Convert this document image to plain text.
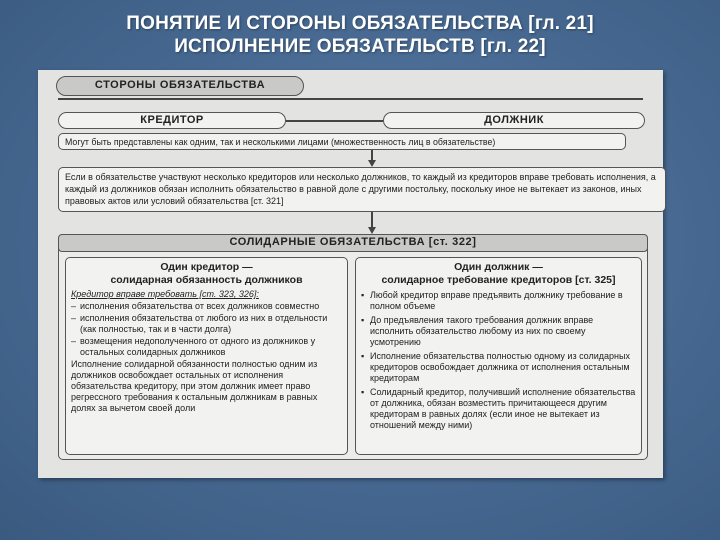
ПОНЯТИЕ И СТОРОНЫ ОБЯЗАТЕЛЬСТВА [гл. 21]
ИСПОЛНЕНИЕ ОБЯЗАТЕЛЬСТВ [гл. 22]
СТОРОНЫ ОБЯЗАТЕЛЬСТВА
КРЕДИТОР	ДОЛЖНИК
Могут быть представлены как одним, так и несколькими лицами (множественность лиц в обязательстве)
Если в обязательстве участвуют несколько кредиторов или несколько должников, то каждый из кредиторов вправе требовать исполнения, а каждый из должников обязан исполнить обязательство в равной доле с другими постольку, поскольку иное не вытекает из законов, иных правовых актов или условий обязательства [ст. 321]
СОЛИДАРНЫЕ ОБЯЗАТЕЛЬСТВА [ст. 322]
Один кредитор —
солидарная обязанность должников
Кредитор вправе требовать [ст. 323, 326]:
– исполнения обязательства от всех должников совместно
– исполнения обязательства от любого из них в отдельности (как полностью, так и в части долга)
– возмещения недополученного от одного из должников у остальных солидарных должников
Исполнение солидарной обязанности полностью одним из должников освобождает остальных от исполнения обязательства кредитору, при этом должник имеет право регрессного требования к остальным должникам в равных долях за вычетом своей доли
Один должник —
солидарное требование кредиторов [ст. 325]
▪ Любой кредитор вправе предъявить должнику требование в полном объеме
▪ До предъявления такого требования должник вправе исполнить обязательство любому из них по своему усмотрению
▪ Исполнение обязательства полностью одному из солидарных кредиторов освобождает должника от исполнения остальным кредиторам
▪ Солидарный кредитор, получивший исполнение обязательства от должника, обязан возместить причитающееся другим кредиторам в равных долях (если иное не вытекает из отношений между ними)
